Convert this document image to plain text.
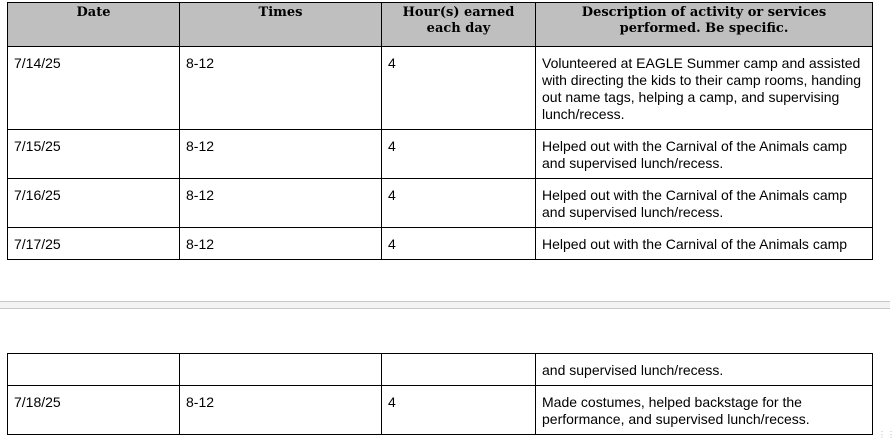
Date	Times	Hour(s) earned each day	Description of activity or services performed. Be specific.
7/14/25	8-12	4	Volunteered at EAGLE Summer camp and assisted with directing the kids to their camp rooms, handing out name tags, helping a camp, and supervising lunch/recess.
7/15/25	8-12	4	Helped out with the Carnival of the Animals camp and supervised lunch/recess.
7/16/25	8-12	4	Helped out with the Carnival of the Animals camp and supervised lunch/recess.
7/17/25	8-12	4	Helped out with the Carnival of the Animals camp
			and supervised lunch/recess.
7/18/25	8-12	4	Made costumes, helped backstage for the performance, and supervised lunch/recess.
⋮⋮
